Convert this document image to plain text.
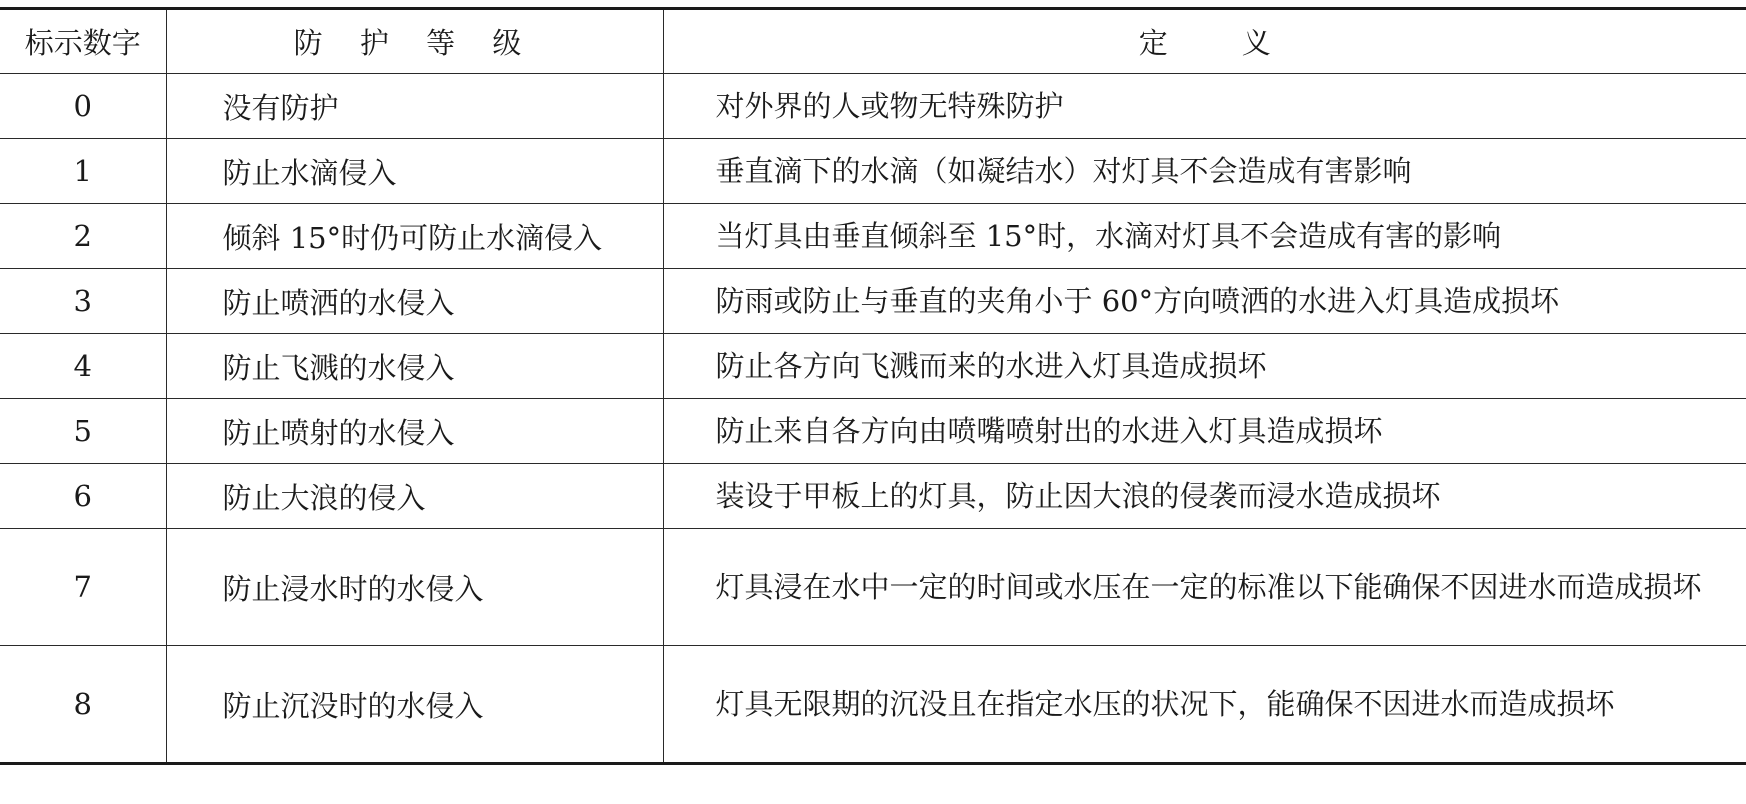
标示数字	防 护 等 级	定 义
0	没有防护	对外界的人或物无特殊防护
1	防止水滴侵入	垂直滴下的水滴（如凝结水）对灯具不会造成有害影响
2	倾斜 15°时仍可防止水滴侵入	当灯具由垂直倾斜至 15°时，水滴对灯具不会造成有害的影响
3	防止喷洒的水侵入	防雨或防止与垂直的夹角小于 60°方向喷洒的水进入灯具造成损坏
4	防止飞溅的水侵入	防止各方向飞溅而来的水进入灯具造成损坏
5	防止喷射的水侵入	防止来自各方向由喷嘴喷射出的水进入灯具造成损坏
6	防止大浪的侵入	装设于甲板上的灯具，防止因大浪的侵袭而浸水造成损坏
7	防止浸水时的水侵入	灯具浸在水中一定的时间或水压在一定的标准以下能确保不因进水而造成损坏
8	防止沉没时的水侵入	灯具无限期的沉没且在指定水压的状况下，能确保不因进水而造成损坏
